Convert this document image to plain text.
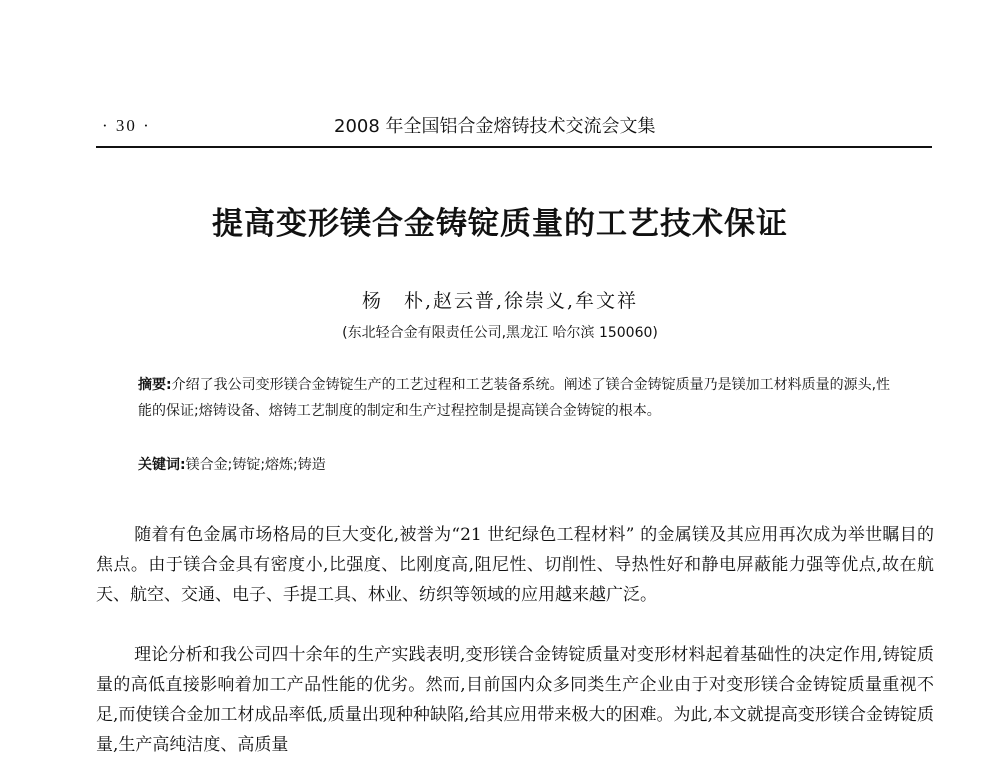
· 30 ·	2008 年全国铝合金熔铸技术交流会文集
提高变形镁合金铸锭质量的工艺技术保证
杨　朴,赵云普,徐崇义,牟文祥
(东北轻合金有限责任公司,黑龙江 哈尔滨 150060)
摘要:介绍了我公司变形镁合金铸锭生产的工艺过程和工艺装备系统。阐述了镁合金铸锭质量乃是镁加工材料质量的源头,性能的保证;熔铸设备、熔铸工艺制度的制定和生产过程控制是提高镁合金铸锭的根本。
关键词:镁合金;铸锭;熔炼;铸造
随着有色金属市场格局的巨大变化,被誉为“21 世纪绿色工程材料” 的金属镁及其应用再次成为举世瞩目的焦点。由于镁合金具有密度小,比强度、比刚度高,阻尼性、切削性、导热性好和静电屏蔽能力强等优点,故在航天、航空、交通、电子、手提工具、林业、纺织等领域的应用越来越广泛。
理论分析和我公司四十余年的生产实践表明,变形镁合金铸锭质量对变形材料起着基础性的决定作用,铸锭质量的高低直接影响着加工产品性能的优劣。然而,目前国内众多同类生产企业由于对变形镁合金铸锭质量重视不足,而使镁合金加工材成品率低,质量出现种种缺陷,给其应用带来极大的困难。为此,本文就提高变形镁合金铸锭质量,生产高纯洁度、高质量
